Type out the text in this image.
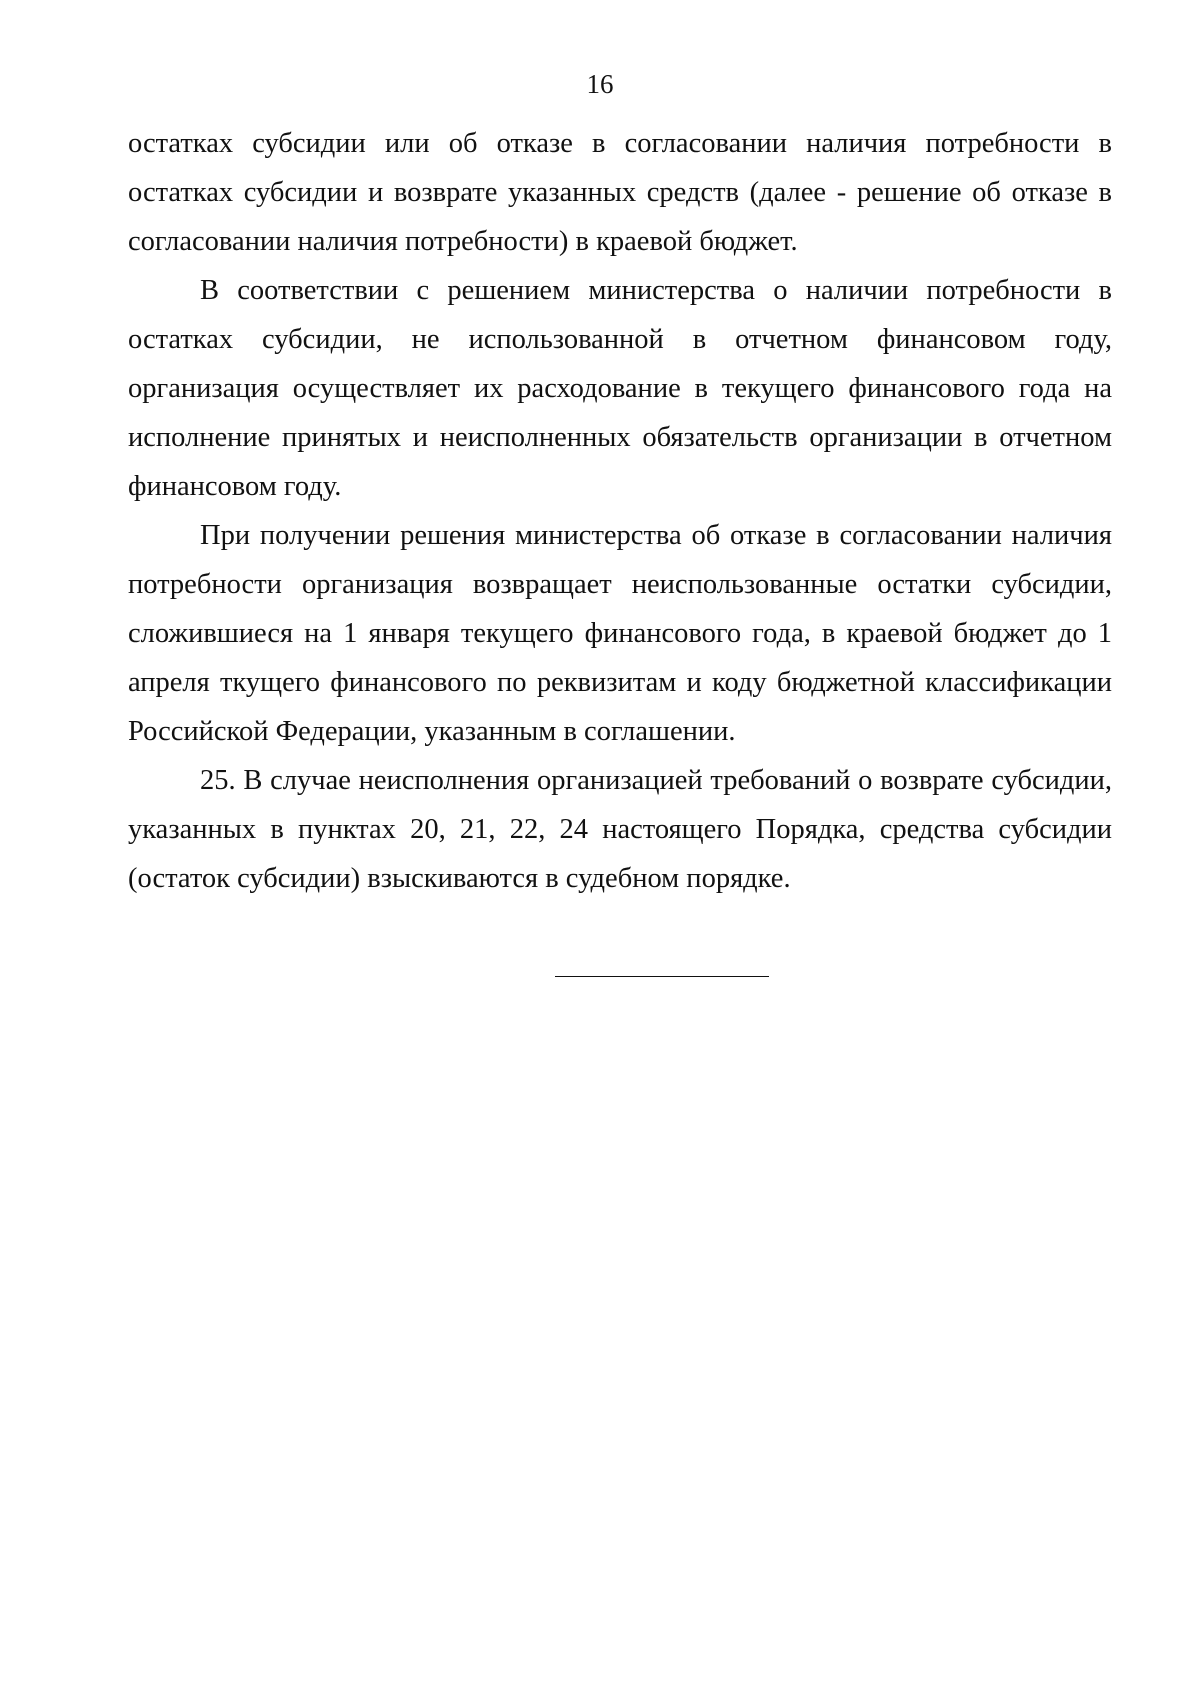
16

остатках субсидии или об отказе в согласовании наличия потребности в остатках субсидии и возврате указанных средств (далее - решение об отказе в согласовании наличия потребности) в краевой бюджет.

В соответствии с решением министерства о наличии потребности в остатках субсидии, не использованной в отчетном финансовом году, организация осуществляет их расходование в текущего финансового года на исполнение принятых и неисполненных обязательств организации в отчетном финансовом году.

При получении решения министерства об отказе в согласовании наличия потребности организация возвращает неиспользованные остатки субсидии, сложившиеся на 1 января текущего финансового года, в краевой бюджет до 1 апреля ткущего финансового по реквизитам и коду бюджетной классификации Российской Федерации, указанным в соглашении.

25. В случае неисполнения организацией требований о возврате субсидии, указанных в пунктах 20, 21, 22, 24 настоящего Порядка, средства субсидии (остаток субсидии) взыскиваются в судебном порядке.
